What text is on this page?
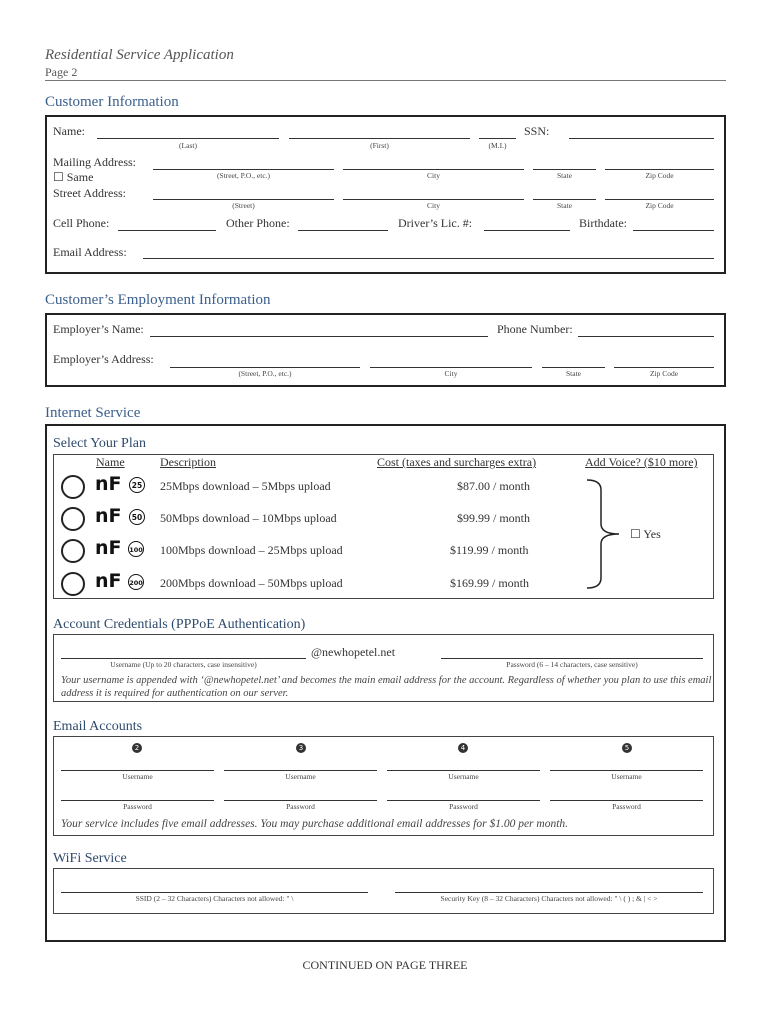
Residential Service Application
Page 2
Customer Information
Name:
(Last)	(First)	(M.I.)
SSN:
Mailing Address:
☐ Same	(Street, P.O., etc.)	City	State	Zip Code
Street Address:
(Street)	City	State	Zip Code
Cell Phone:	Other Phone:	Driver’s Lic. #:	Birthdate:
Email Address:
Customer’s Employment Information
Employer’s Name:	Phone Number:
Employer’s Address:
(Street, P.O., etc.)	City	State	Zip Code
Internet Service
Select Your Plan
Name	Description	Cost (taxes and surcharges extra)	Add Voice? ($10 more)
nF	25 25Mbps download – 5Mbps upload	$87.00 / month
nF	50 50Mbps download – 10Mbps upload	$99.99 / month
nF 100 100Mbps download – 25Mbps upload	$119.99 / month
nF 200 200Mbps download – 50Mbps upload	$169.99 / month
☐ Yes
Account Credentials (PPPoE Authentication)
@newhopetel.net
Username (Up to 20 characters, case insensitive)	Password (6 – 14 characters, case sensitive)
Your username is appended with ‘@newhopetel.net’ and becomes the main email address for the account. Regardless of whether you plan to use this email address it is required for authentication on our server.
Email Accounts
2	3	4	5
Username	Username	Username	Username
Password	Password	Password	Password
Your service includes five email addresses. You may purchase additional email addresses for $1.00 per month.
WiFi Service
SSID (2 – 32 Characters) Characters not allowed: " \	Security Key (8 – 32 Characters) Characters not allowed: " \ ( ) ; & | < >
CONTINUED ON PAGE THREE
